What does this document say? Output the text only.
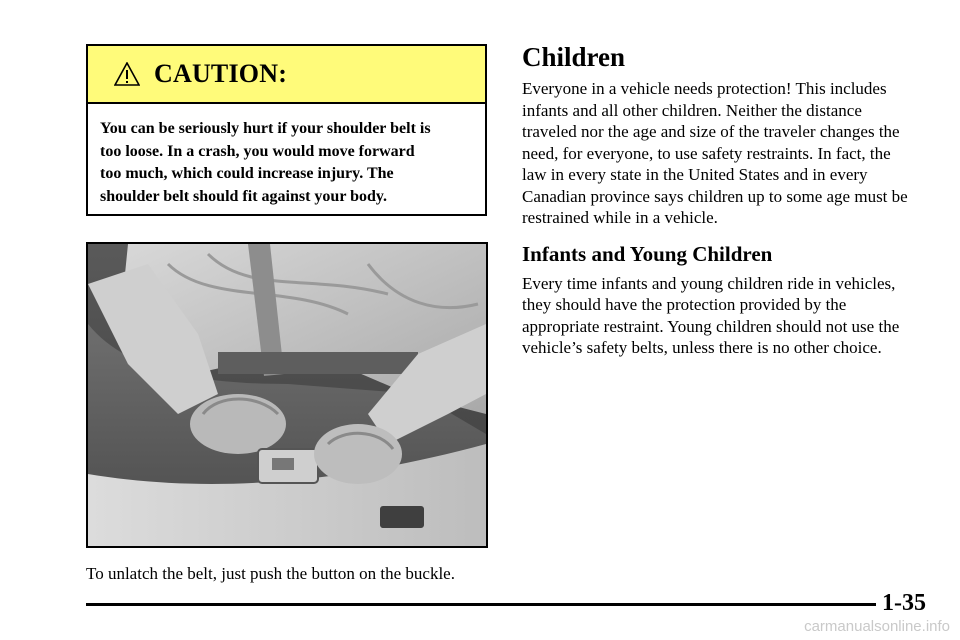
CAUTION:
You can be seriously hurt if your shoulder belt is
too loose. In a crash, you would move forward
too much, which could increase injury. The
shoulder belt should fit against your body.
To unlatch the belt, just push the button on the buckle.
Children
Everyone in a vehicle needs protection! This includes
infants and all other children. Neither the distance
traveled nor the age and size of the traveler changes the
need, for everyone, to use safety restraints. In fact, the
law in every state in the United States and in every
Canadian province says children up to some age must be
restrained while in a vehicle.
Infants and Young Children
Every time infants and young children ride in vehicles,
they should have the protection provided by the
appropriate restraint. Young children should not use the
vehicle’s safety belts, unless there is no other choice.
1-35
carmanualsonline.info
